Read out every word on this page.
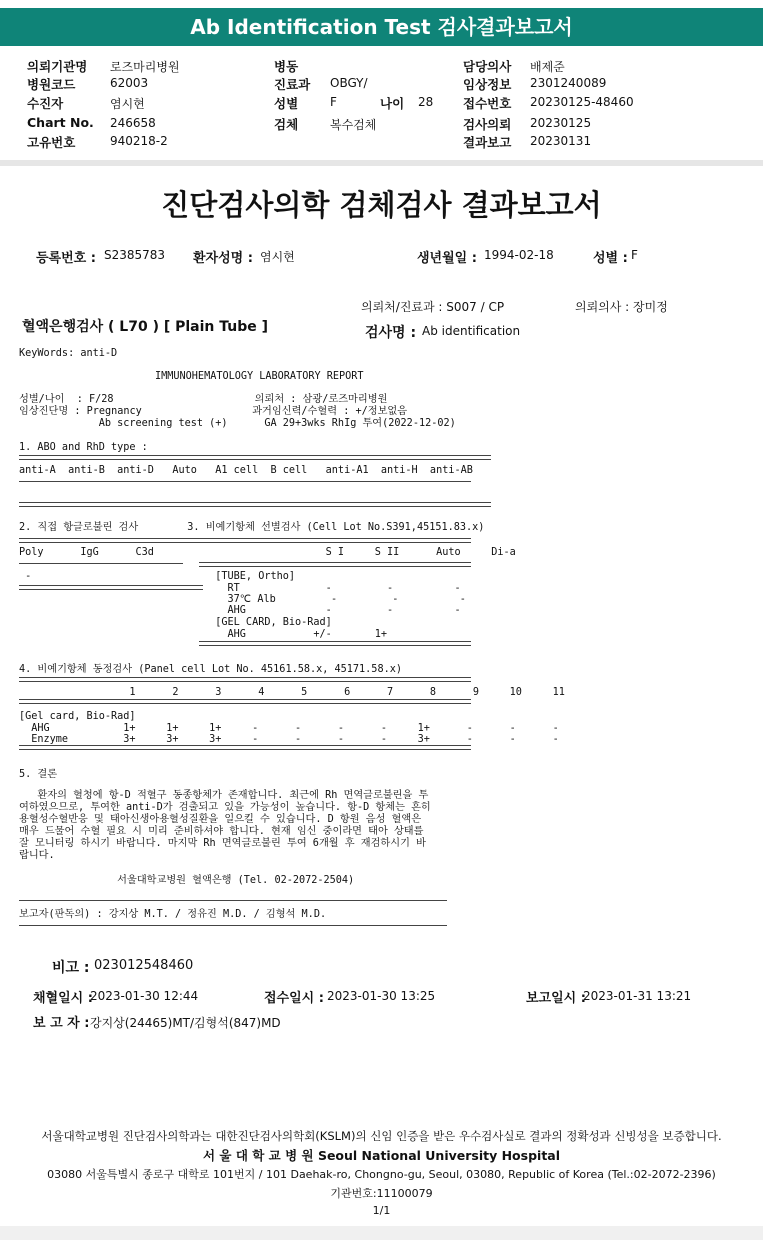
Ab Identification Test 검사결과보고서
의뢰기관명 로즈마리병원
병원코드	62003
수진자	염시현
Chart No. 246658
고유번호	940218-2
병동
진료과 OBGY/
성별	F	나이 28
검체	복수검체
담당의사 배제준
임상정보 2301240089
접수번호 20230125-48460
검사의뢰 20230125
결과보고 20230131
진단검사의학 검체검사 결과보고서
등록번호 : S2385783 환자성명 : 염시현	생년월일 : 1994-02-18	성별 : F
의뢰처/진료과 : S007 / CP	의뢰의사 : 장미정
혈액은행검사 ( L70 ) [ Plain Tube ]	검사명 : Ab identification
KeyWords: anti-D
IMMUNOHEMATOLOGY LABORATORY REPORT
성별/나이  : F/28                       의뢰처 : 삼광/로즈마리병원
임상진단명 : Pregnancy                  과거임신력/수혈력 : +/정보없음
Ab screening test (+)      GA 29+3wks RhIg 투여(2022-12-02)
1. ABO and RhD type :
anti-A  anti-B  anti-D   Auto   A1 cell  B cell   anti-A1  anti-H  anti-AB
2. 직접 항글로불린 검사        3. 비예기항체 선별검사 (Cell Lot No.S391,45151.83.x)
Poly      IgG      C3d                            S I     S II      Auto     Di-a
-                              [TUBE, Ortho]
RT              -         -          -
37℃ Alb         -         -          -
AHG             -         -          -
[GEL CARD, Bio-Rad]
AHG           +/-       1+
4. 비예기항체 동정검사 (Panel cell Lot No. 45161.58.x, 45171.58.x)
1      2      3      4      5      6      7      8      9     10     11
[Gel card, Bio-Rad]
AHG            1+     1+     1+     -      -      -      -     1+      -      -      -
Enzyme         3+     3+     3+     -      -      -      -     3+      -      -      -
5. 결론
환자의 혈청에 항-D 적혈구 동종항체가 존재합니다. 최근에 Rh 면역글로불린을 투
여하였으므로, 투여한 anti-D가 검출되고 있을 가능성이 높습니다. 항-D 항체는 흔히
용혈성수혈반응 및 태아신생아용혈성질환을 일으킬 수 있습니다. D 항원 음성 혈액은
매우 드물어 수혈 필요 시 미리 준비하셔야 합니다. 현재 임신 중이라면 태아 상태를
잘 모니터링 하시기 바랍니다. 마지막 Rh 면역글로불린 투여 6개월 후 재검하시기 바
랍니다.
서울대학교병원 혈액은행 (Tel. 02-2072-2504)
보고자(판독의) : 강지상 M.T. / 정유진 M.D. / 김형석 M.D.
비고 : 023012548460
채혈일시 :
2023-01-30 12:44	접수일시 : 2023-01-30 13:25	보고일시 :
2023-01-31 13:21
보 고 자 : 강지상(24465)MT/김형석(847)MD
서울대학교병원 진단검사의학과는 대한진단검사의학회(KSLM)의 신임 인증을 받은 우수검사실로 결과의 정확성과 신빙성을 보증합니다.
서 울 대 학 교 병 원 Seoul National University Hospital
03080 서울특별시 종로구 대학로 101번지 / 101 Daehak-ro, Chongno-gu, Seoul, 03080, Republic of Korea (Tel.:02-2072-2396)
기관번호:11100079
1/1
